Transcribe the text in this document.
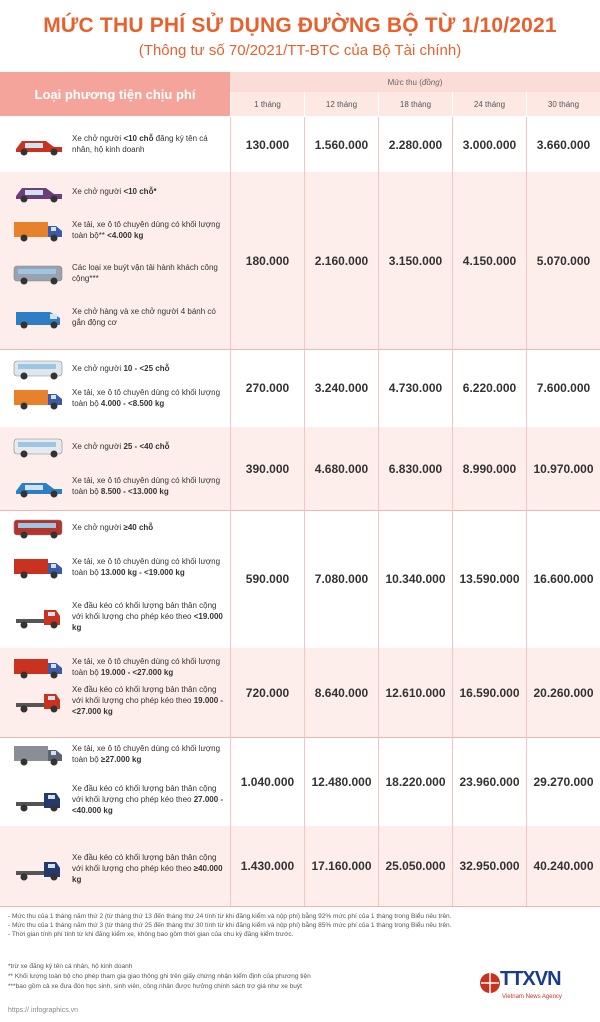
MỨC THU PHÍ SỬ DỤNG ĐƯỜNG BỘ TỪ 1/10/2021
(Thông tư số 70/2021/TT-BTC của Bộ Tài chính)
Loại phương tiện chịu phí
Mức thu ( đồng )
1 tháng	12 tháng	18 tháng	24 tháng	30 tháng
Xe chở người <10 chỗ đăng ký tên cá nhân, hộ kinh doanh	130.000	1.560.000	2.280.000	3.000.000	3.660.000
Xe chở người <10 chỗ*
Xe tải, xe ô tô chuyên dùng có khối lượng toàn bộ** <4.000 kg
Các loại xe buýt vận tải hành khách công cộng***
Xe chở hàng và xe chở người 4 bánh có gắn động cơ
180.000	2.160.000	3.150.000	4.150.000	5.070.000
Xe chở người 10 - <25 chỗ
Xe tải, xe ô tô chuyên dùng có khối lượng toàn bộ 4.000 - <8.500 kg
270.000	3.240.000	4.730.000	6.220.000	7.600.000
Xe chở người 25 - <40 chỗ
Xe tải, xe ô tô chuyên dùng có khối lượng toàn bộ 8.500 - <13.000 kg
390.000	4.680.000	6.830.000	8.990.000	10.970.000
Xe chở người ≥40 chỗ
Xe tải, xe ô tô chuyên dùng có khối lượng toàn bộ 13.000 kg - <19.000 kg
Xe đầu kéo có khối lượng bản thân cộng với khối lượng cho phép kéo theo <19.000 kg
590.000	7.080.000	10.340.000	13.590.000	16.600.000
Xe tải, xe ô tô chuyên dùng có khối lượng toàn bộ 19.000 - <27.000 kg
Xe đầu kéo có khối lượng bản thân cộng với khối lượng cho phép kéo theo 19.000 - <27.000 kg
720.000	8.640.000	12.610.000	16.590.000	20.260.000
Xe tải, xe ô tô chuyên dùng có khối lượng toàn bộ ≥27.000 kg
Xe đầu kéo có khối lượng bản thân cộng với khối lượng cho phép kéo theo 27.000 - <40.000 kg
1.040.000	12.480.000	18.220.000	23.960.000	29.270.000
Xe đầu kéo có khối lượng bản thân cộng với khối lượng cho phép kéo theo ≥40.000 kg
1.430.000	17.160.000	25.050.000	32.950.000	40.240.000
- Mức thu của 1 tháng năm thứ 2 (từ tháng thứ 13 đến tháng thứ 24 tính từ khi đăng kiểm và nộp phí) bằng 92% mức phí của 1 tháng trong Biểu nêu trên.
- Mức thu của 1 tháng năm thứ 3 (từ tháng thứ 25 đến tháng thứ 30 tính từ khi đăng kiểm và nộp phí) bằng 85% mức phí của 1 tháng trong Biểu nêu trên.
- Thời gian tính phí tính từ khi đăng kiểm xe, không bao gồm thời gian của chu kỳ đăng kiểm trước.
*trừ xe đăng ký tên cá nhân, hộ kinh doanh
** Khối lượng toàn bộ cho phép tham gia giao thông ghi trên giấy chứng nhận kiểm định của phương tiện
***bao gồm cả xe đưa đón học sinh, sinh viên, công nhân được hưởng chính sách trợ giá như xe buýt
https:// infographics.vn
TTXVN
Vietnam News Agency
